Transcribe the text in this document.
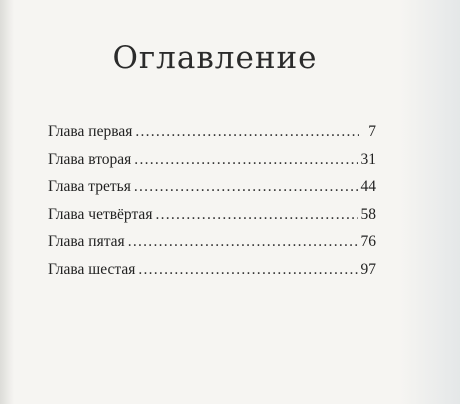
Оглавление
Глава первая . . .	7
Глава вторая . . .	31
Глава третья . . .	44
Глава четвёртая . . .	58
Глава пятая . . .	76
Глава шестая . . .	97
